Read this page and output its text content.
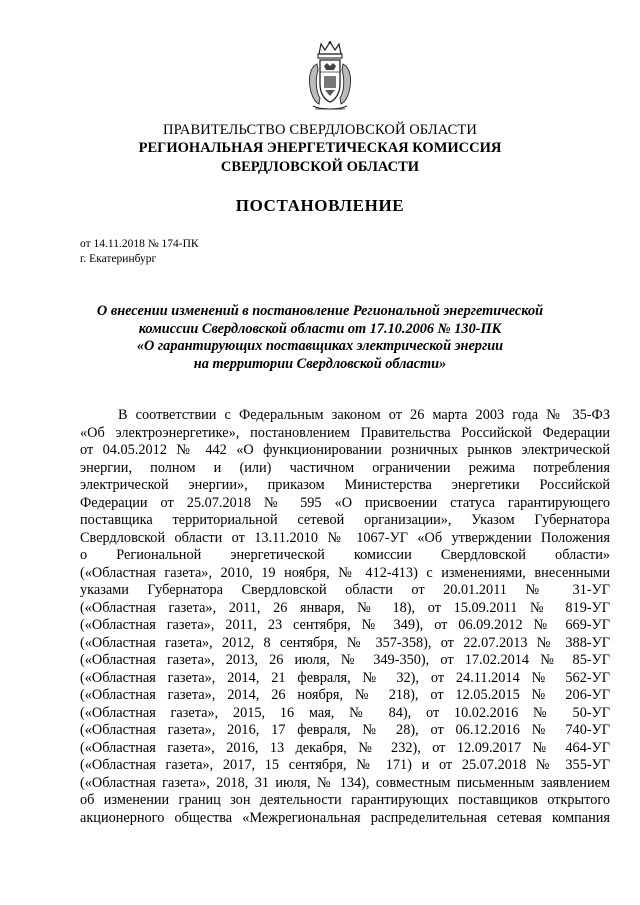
ПРАВИТЕЛЬСТВО СВЕРДЛОВСКОЙ ОБЛАСТИ
РЕГИОНАЛЬНАЯ ЭНЕРГЕТИЧЕСКАЯ КОМИССИЯ
СВЕРДЛОВСКОЙ ОБЛАСТИ
ПОСТАНОВЛЕНИЕ
от 14.11.2018 № 174-ПК
г. Екатеринбург
О внесении изменений в постановление Региональной энергетической
комиссии Свердловской области от 17.10.2006 № 130-ПК
«О гарантирующих поставщиках электрической энергии
на территории Свердловской области»
В соответствии с Федеральным законом от 26 марта 2003 года № 35-ФЗ
«Об электроэнергетике», постановлением Правительства Российской Федерации
от 04.05.2012 № 442 «О функционировании розничных рынков электрической
энергии, полном и (или) частичном ограничении режима потребления
электрической энергии», приказом Министерства энергетики Российской
Федерации от 25.07.2018 № 595 «О присвоении статуса гарантирующего
поставщика территориальной сетевой организации», Указом Губернатора
Свердловской области от 13.11.2010 № 1067-УГ «Об утверждении Положения
о Региональной энергетической комиссии Свердловской области»
(«Областная газета», 2010, 19 ноября, № 412-413) с изменениями, внесенными
указами Губернатора Свердловской области от 20.01.2011 № 31-УГ
(«Областная газета», 2011, 26 января, № 18), от 15.09.2011 № 819-УГ
(«Областная газета», 2011, 23 сентября, № 349), от 06.09.2012 № 669-УГ
(«Областная газета», 2012, 8 сентября, № 357-358), от 22.07.2013 № 388-УГ
(«Областная газета», 2013, 26 июля, № 349-350), от 17.02.2014 № 85-УГ
(«Областная газета», 2014, 21 февраля, № 32), от 24.11.2014 № 562-УГ
(«Областная газета», 2014, 26 ноября, № 218), от 12.05.2015 № 206-УГ
(«Областная газета», 2015, 16 мая, № 84), от 10.02.2016 № 50-УГ
(«Областная газета», 2016, 17 февраля, № 28), от 06.12.2016 № 740-УГ
(«Областная газета», 2016, 13 декабря, № 232), от 12.09.2017 № 464-УГ
(«Областная газета», 2017, 15 сентября, № 171) и от 25.07.2018 № 355-УГ
(«Областная газета», 2018, 31 июля, № 134), совместным письменным заявлением
об изменении границ зон деятельности гарантирующих поставщиков открытого
акционерного общества «Межрегиональная распределительная сетевая компания
